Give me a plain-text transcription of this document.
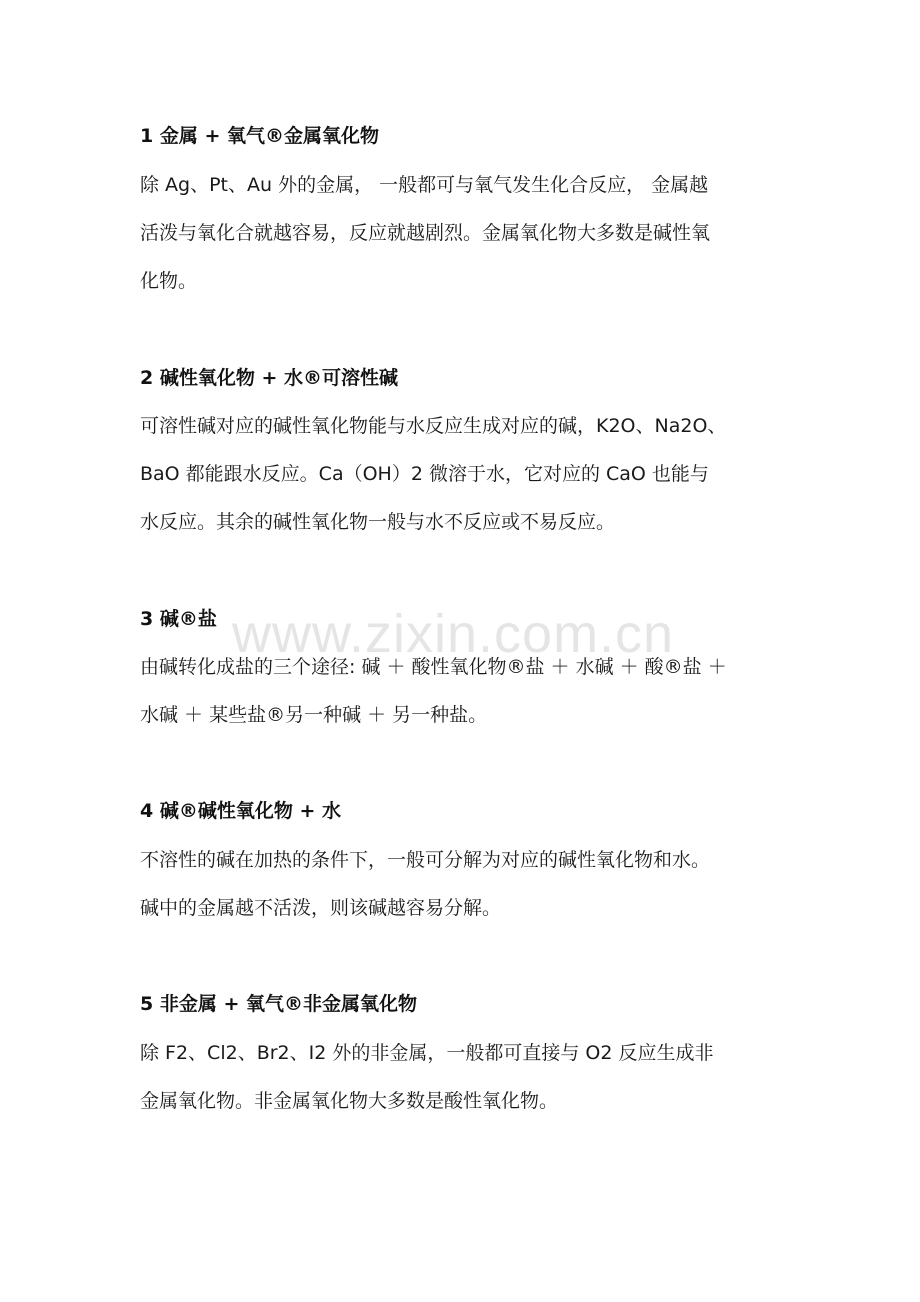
1 金属 + 氧气®金属氧化物
除 Ag、Pt、Au 外的金属， 一般都可与氧气发生化合反应， 金属越
活泼与氧化合就越容易，反应就越剧烈。金属氧化物大多数是碱性氧
化物。
2 碱性氧化物 + 水®可溶性碱
可溶性碱对应的碱性氧化物能与水反应生成对应的碱，K2O、Na2O、
BaO 都能跟水反应。Ca（OH）2 微溶于水，它对应的 CaO 也能与
水反应。其余的碱性氧化物一般与水不反应或不易反应。
3 碱®盐
由碱转化成盐的三个途径: 碱 ＋ 酸性氧化物®盐 ＋ 水碱 ＋ 酸®盐 ＋
水碱 ＋ 某些盐®另一种碱 ＋ 另一种盐。
4 碱®碱性氧化物 + 水
不溶性的碱在加热的条件下，一般可分解为对应的碱性氧化物和水。
碱中的金属越不活泼，则该碱越容易分解。
5 非金属 + 氧气®非金属氧化物
除 F2、Cl2、Br2、I2 外的非金属，一般都可直接与 O2 反应生成非
金属氧化物。非金属氧化物大多数是酸性氧化物。
www.zixin.com.cn
